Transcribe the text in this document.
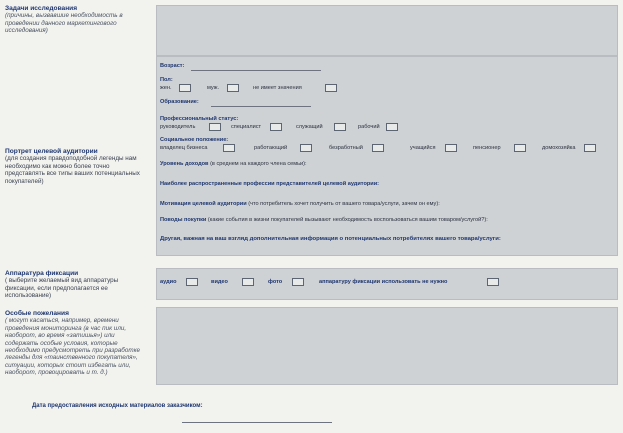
Задачи исследования
(причины, вызвавшие необходимость в проведении данного маркетингового исследования)
Портрет целевой аудитории
(для создания правдоподобной легенды нам необходимо как можно более точно представлять все типы ваших потенциальных покупателей)
Возраст:
Пол:
жен.	муж.	не имеет значения
Образование:
Профессиональный статус:
руководитель	специалист	служащий	рабочий
Социальное положение:
владелец бизнеса	работающий	безработный	учащийся	пенсионер	домохозяйка
Уровень доходов (в среднем на каждого члена семьи):
Наиболее распространенные профессии представителей целевой аудитории:
Мотивация целевой аудитории (что потребитель хочет получить от вашего товара/услуги, зачем он ему):
Поводы покупки (какие события в жизни покупателей вызывают необходимость воспользоваться вашим товаром/услугой?):
Другая, важная на ваш взгляд дополнительная информация о потенциальных потребителях вашего товара/услуги:
Аппаратура фиксации
( выберите желаемый вид аппаратуры фиксации, если предполагается ее использование)
аудио	видео	фото	аппаратуру фиксации использовать не нужно
Особые пожелания
( могут касаться, например, времени проведения мониторинга (в час пик или, наоборот, во время «затишья») или содержать особые условия, которые необходимо предусмотреть при разработке легенды для «таинственного покупателя», ситуации, которых стоит избегать или, наоборот, провоцировать и т. д.)
Дата предоставления исходных материалов заказчиком:
